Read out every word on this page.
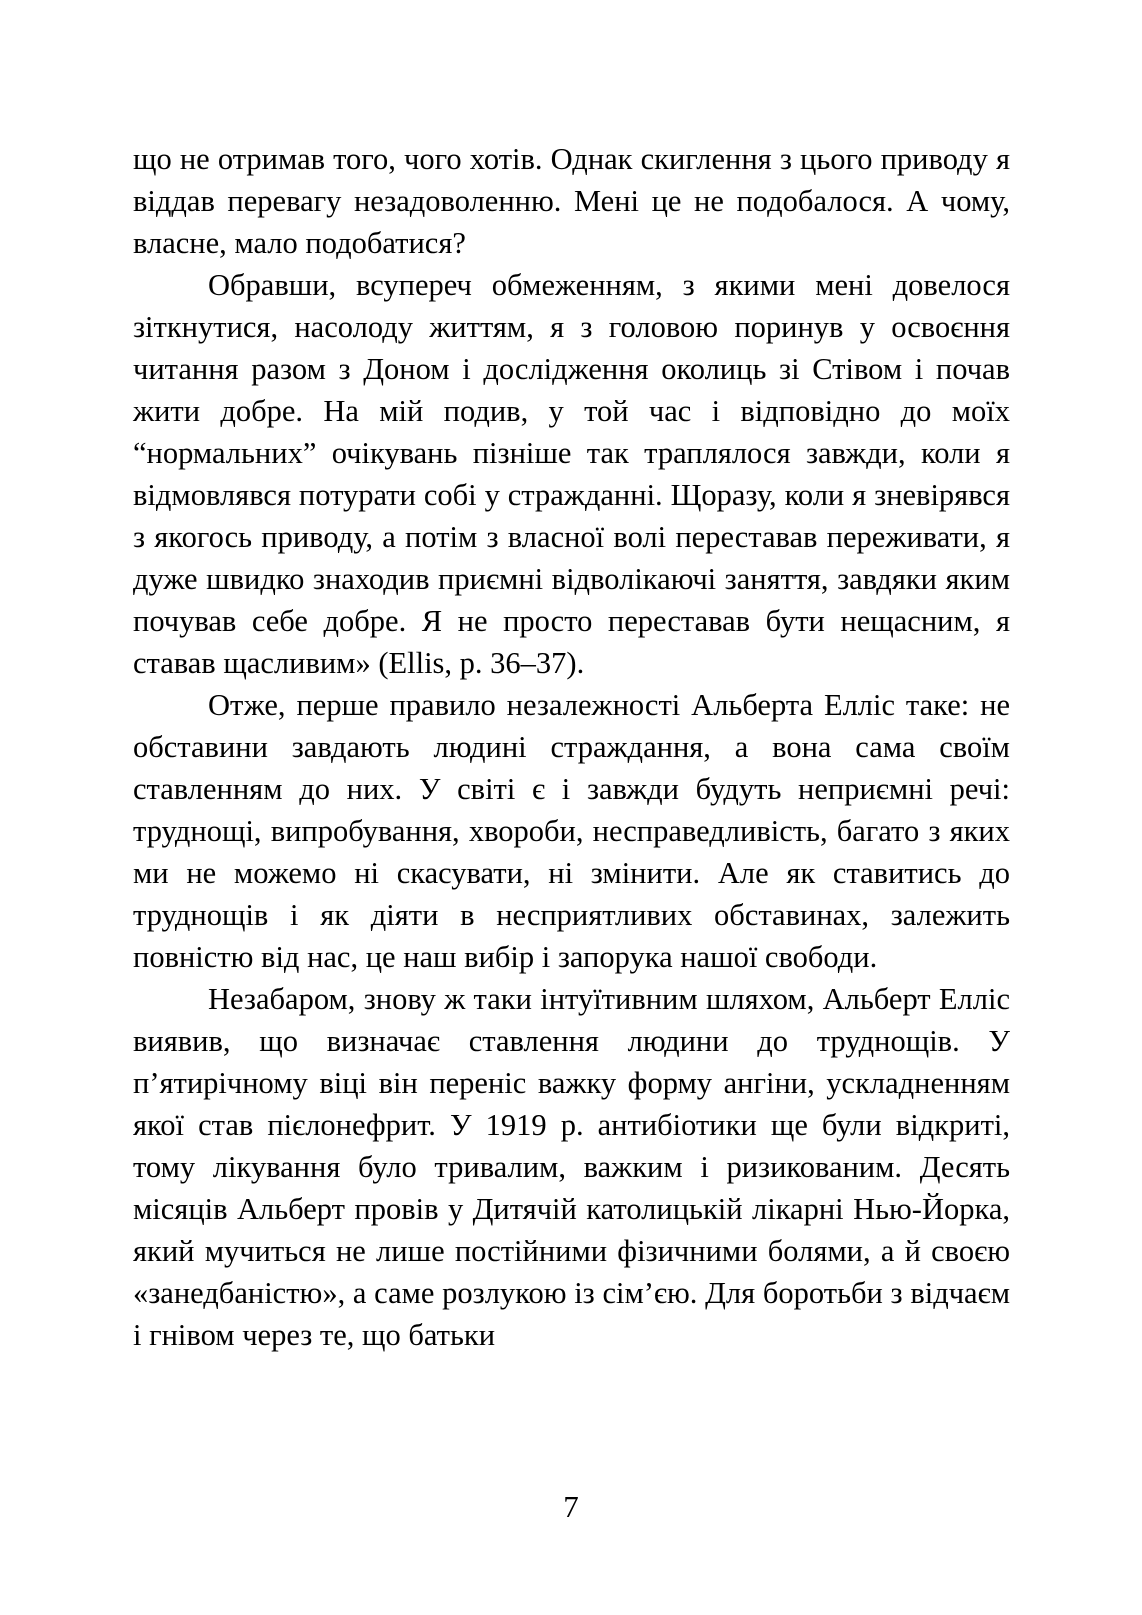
що не отримав того, чого хотів. Однак скиглення з цього приводу я віддав перевагу незадоволенню. Мені це не подобалося. А чому, власне, мало подобатися?

Обравши, всупереч обмеженням, з якими мені довелося зіткнутися, насолоду життям, я з головою поринув у освоєння читання разом з Доном і дослідження околиць зі Стівом і почав жити добре. На мій подив, у той час і відповідно до моїх “нормальних” очікувань пізніше так траплялося завжди, коли я відмовлявся потурати собі у стражданні. Щоразу, коли я зневірявся з якогось приводу, а потім з власної волі переставав переживати, я дуже швидко знаходив приємні відволікаючі заняття, завдяки яким почував себе добре. Я не просто переставав бути нещасним, я ставав щасливим» (Ellis, p. 36–37).

Отже, перше правило незалежності Альберта Елліс таке: не обставини завдають людині страждання, а вона сама своїм ставленням до них. У світі є і завжди будуть неприємні речі: труднощі, випробування, хвороби, несправедливість, багато з яких ми не можемо ні скасувати, ні змінити. Але як ставитись до труднощів і як діяти в несприятливих обставинах, залежить повністю від нас, це наш вибір і запорука нашої свободи.

Незабаром, знову ж таки інтуїтивним шляхом, Альберт Елліс виявив, що визначає ставлення людини до труднощів. У п’ятирічному віці він переніс важку форму ангіни, ускладненням якої став пієлонефрит. У 1919 р. антибіотики ще були відкриті, тому лікування було тривалим, важким і ризикованим. Десять місяців Альберт провів у Дитячій католицькій лікарні Нью-Йорка, який мучиться не лише постійними фізичними болями, а й своєю «занедбаністю», а саме розлукою із сім’єю. Для боротьби з відчаєм і гнівом через те, що батьки

7
